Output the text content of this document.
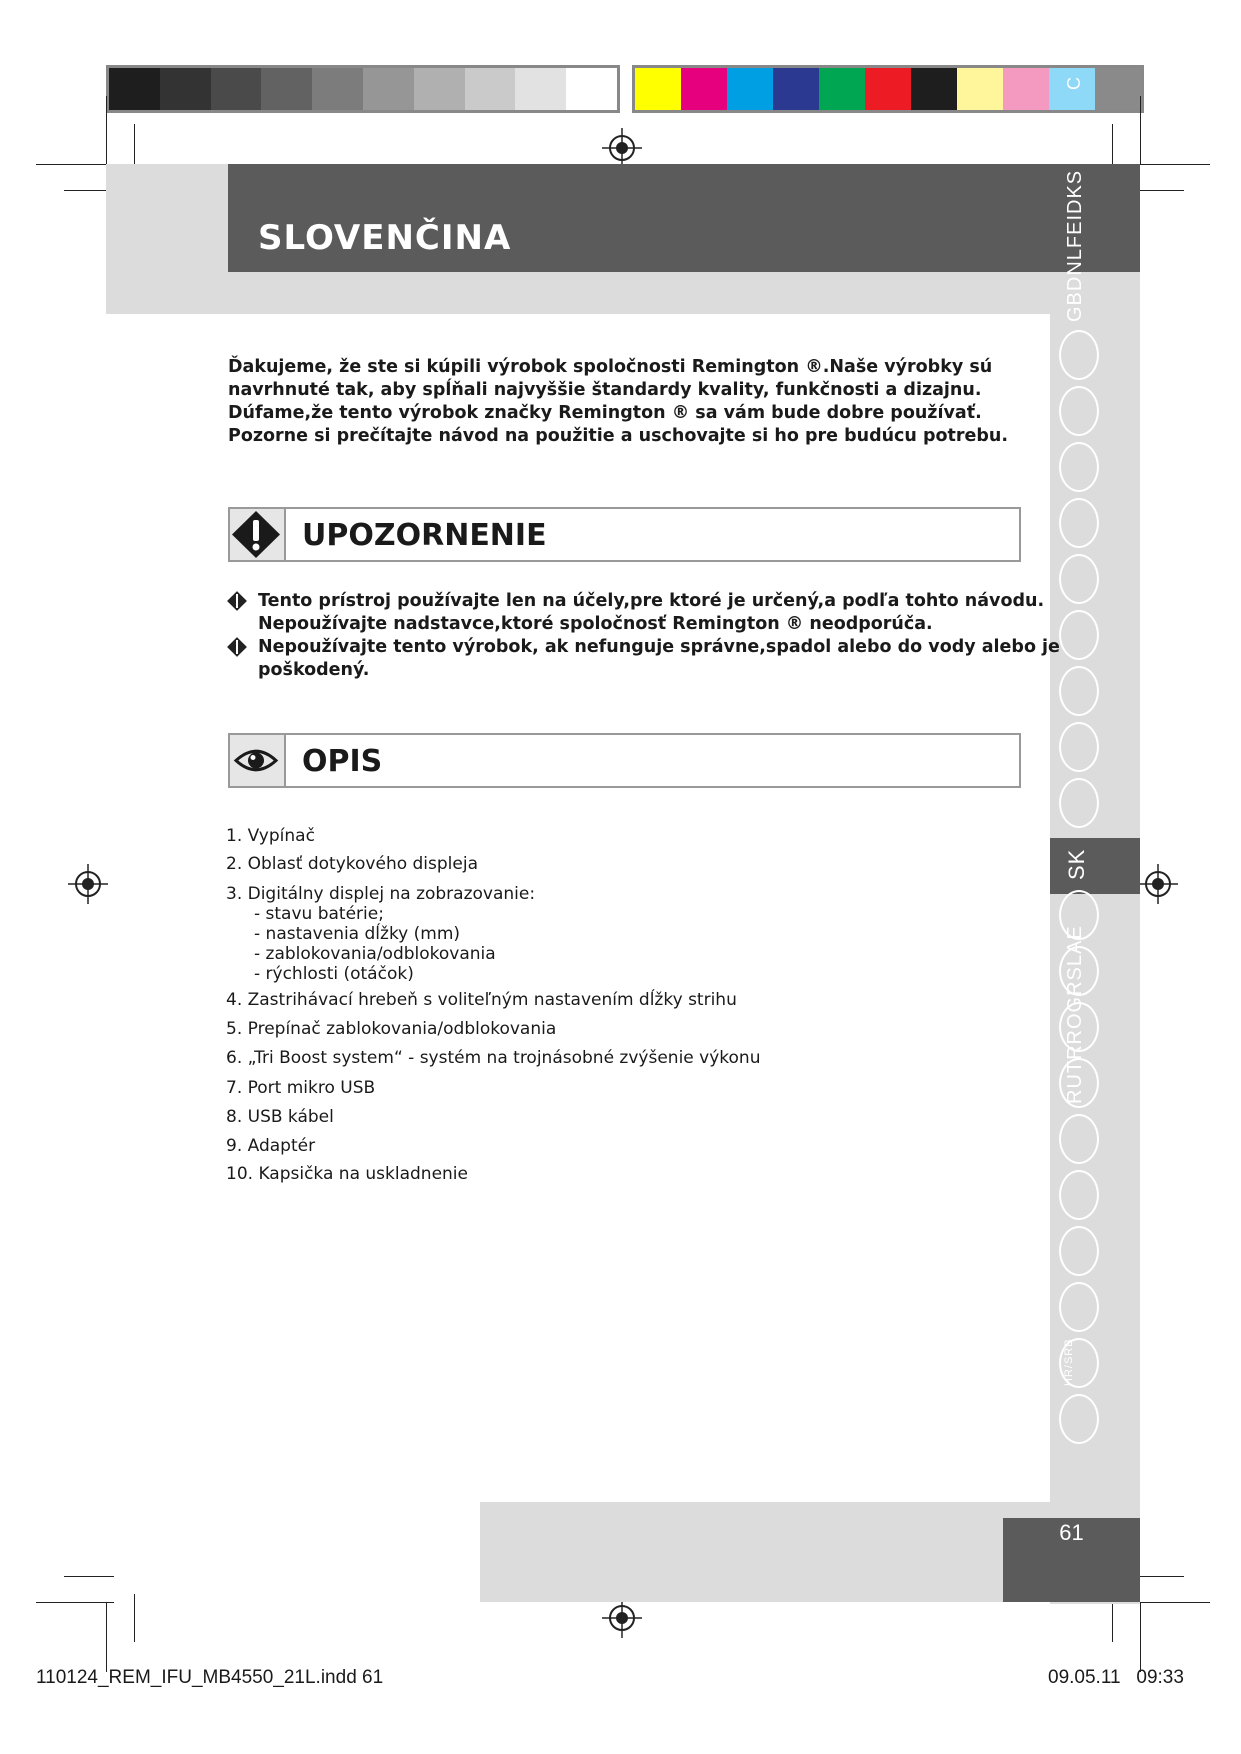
SLOVENČINA	GBDNLFEIDKS
C
SK
RUTRROGRSLAE
HR/SRB
61
Ďakujeme, že ste si kúpili výrobok spoločnosti Remington ®.Naše výrobky sú
navrhnuté tak, aby spĺňali najvyššie štandardy kvality, funkčnosti a dizajnu.
Dúfame,že tento výrobok značky Remington ® sa vám bude dobre používať.
Pozorne si prečítajte návod na použitie a uschovajte si ho pre budúcu potrebu.
UPOZORNENIE
Tento prístroj používajte len na účely,pre ktoré je určený,a podľa tohto návodu.
Nepoužívajte nadstavce,ktoré spoločnosť Remington ® neodporúča.
Nepoužívajte tento výrobok, ak nefunguje správne,spadol alebo do vody alebo je
poškodený.
OPIS
1. Vypínač
2. Oblasť dotykového displeja
3. Digitálny displej na zobrazovanie:
- stavu batérie;
- nastavenia dĺžky (mm)
- zablokovania/odblokovania
- rýchlosti (otáčok)
4. Zastrihávací hrebeň s voliteľným nastavením dĺžky strihu
5. Prepínač zablokovania/odblokovania
6. „Tri Boost system“ - systém na trojnásobné zvýšenie výkonu
7. Port mikro USB
8. USB kábel
9. Adaptér
10. Kapsička na uskladnenie
110124_REM_IFU_MB4550_21L.indd 61	09.05.11   09:33
